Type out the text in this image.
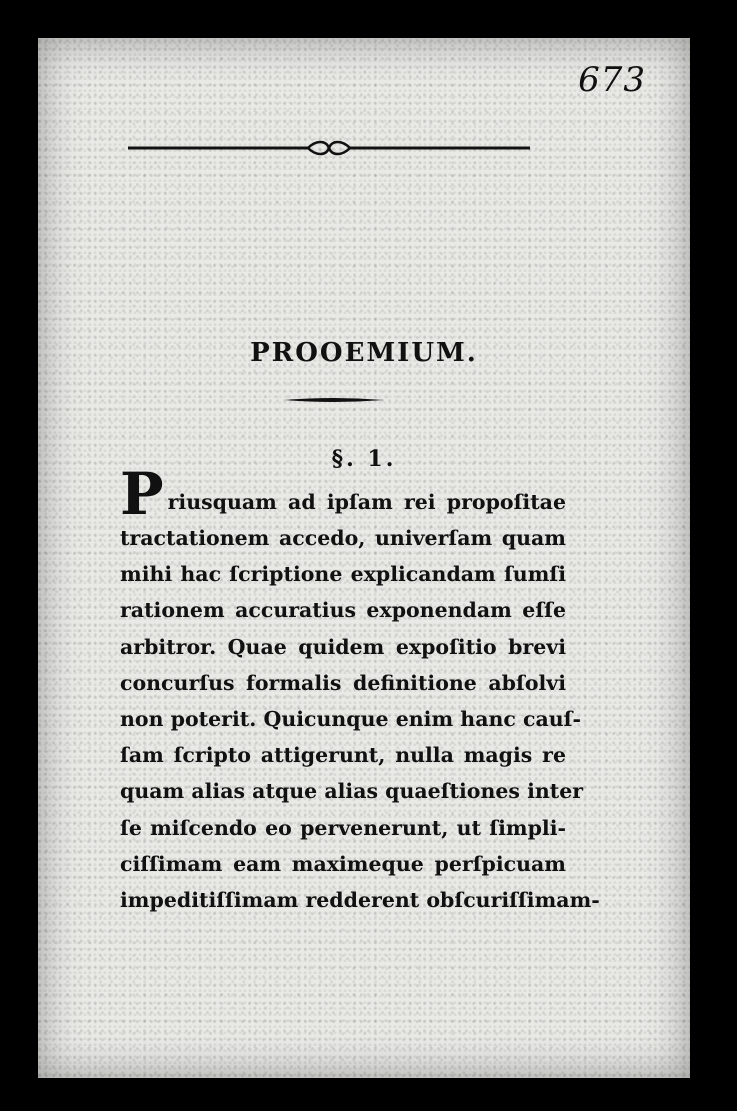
673
PROOEMIUM.
§. 1.
P riusquam ad ipſam rei propoſitae
tractationem accedo, univerſam quam
mihi hac ſcriptione explicandam ſumſi
rationem accuratius exponendam eſſe
arbitror. Quae quidem expoſitio brevi
concurſus formalis definitione abſolvi
non poterit. Quicunque enim hanc cauſ-
ſam ſcripto attigerunt, nulla magis re
quam alias atque alias quaeſtiones inter
ſe miſcendo eo pervenerunt, ut ſimpli-
ciſſimam eam maximeque perſpicuam
impeditiſſimam redderent obſcuriſſimam-
